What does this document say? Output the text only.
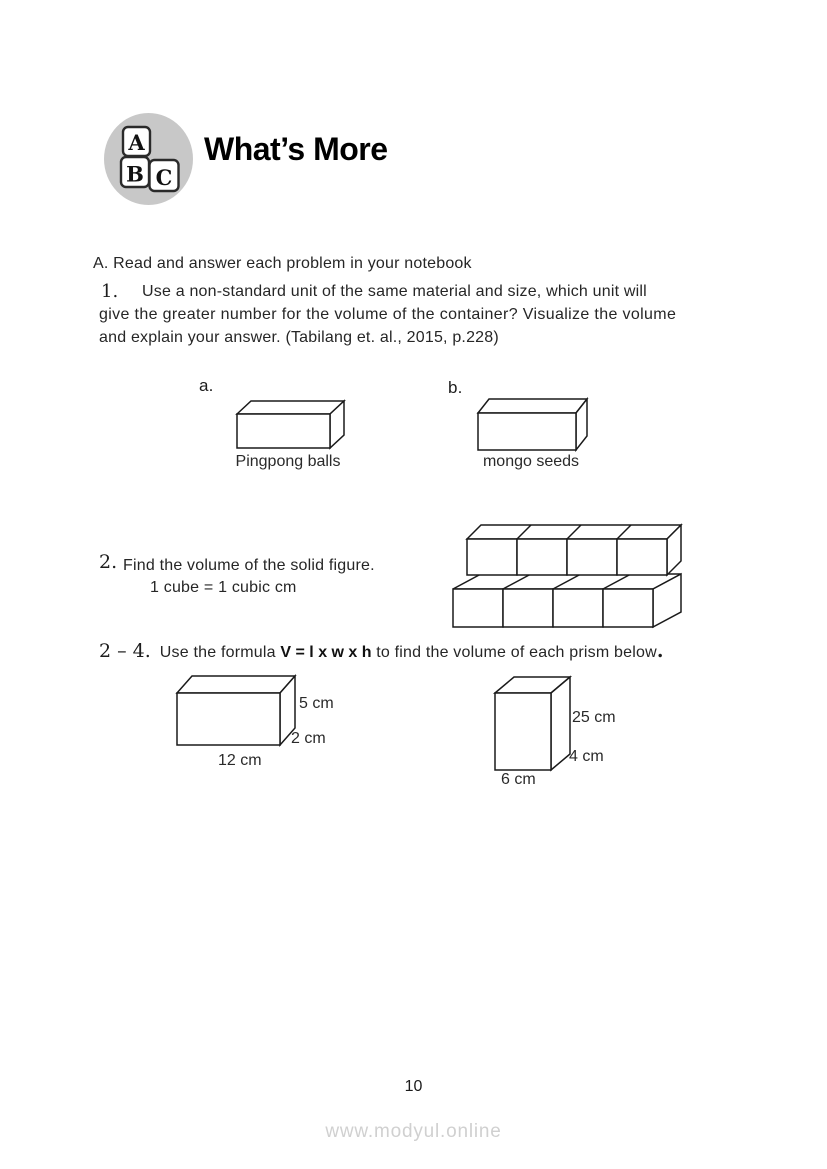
A
B C
What’s More
A. Read and answer each problem in your notebook
1. Use a non-standard unit of the same material and size, which unit will
give the greater number for the volume of the container? Visualize the volume
and explain your answer. (Tabilang et. al., 2015, p.228)
a.
Pingpong balls
b.
mongo seeds
2. Find the volume of the solid figure.
1 cube = 1 cubic cm
2 – 4. Use the formula V = l x w x h to find the volume of each prism below.
5 cm
2 cm
12 cm
25 cm
4 cm
6 cm
10
www.modyul.online
